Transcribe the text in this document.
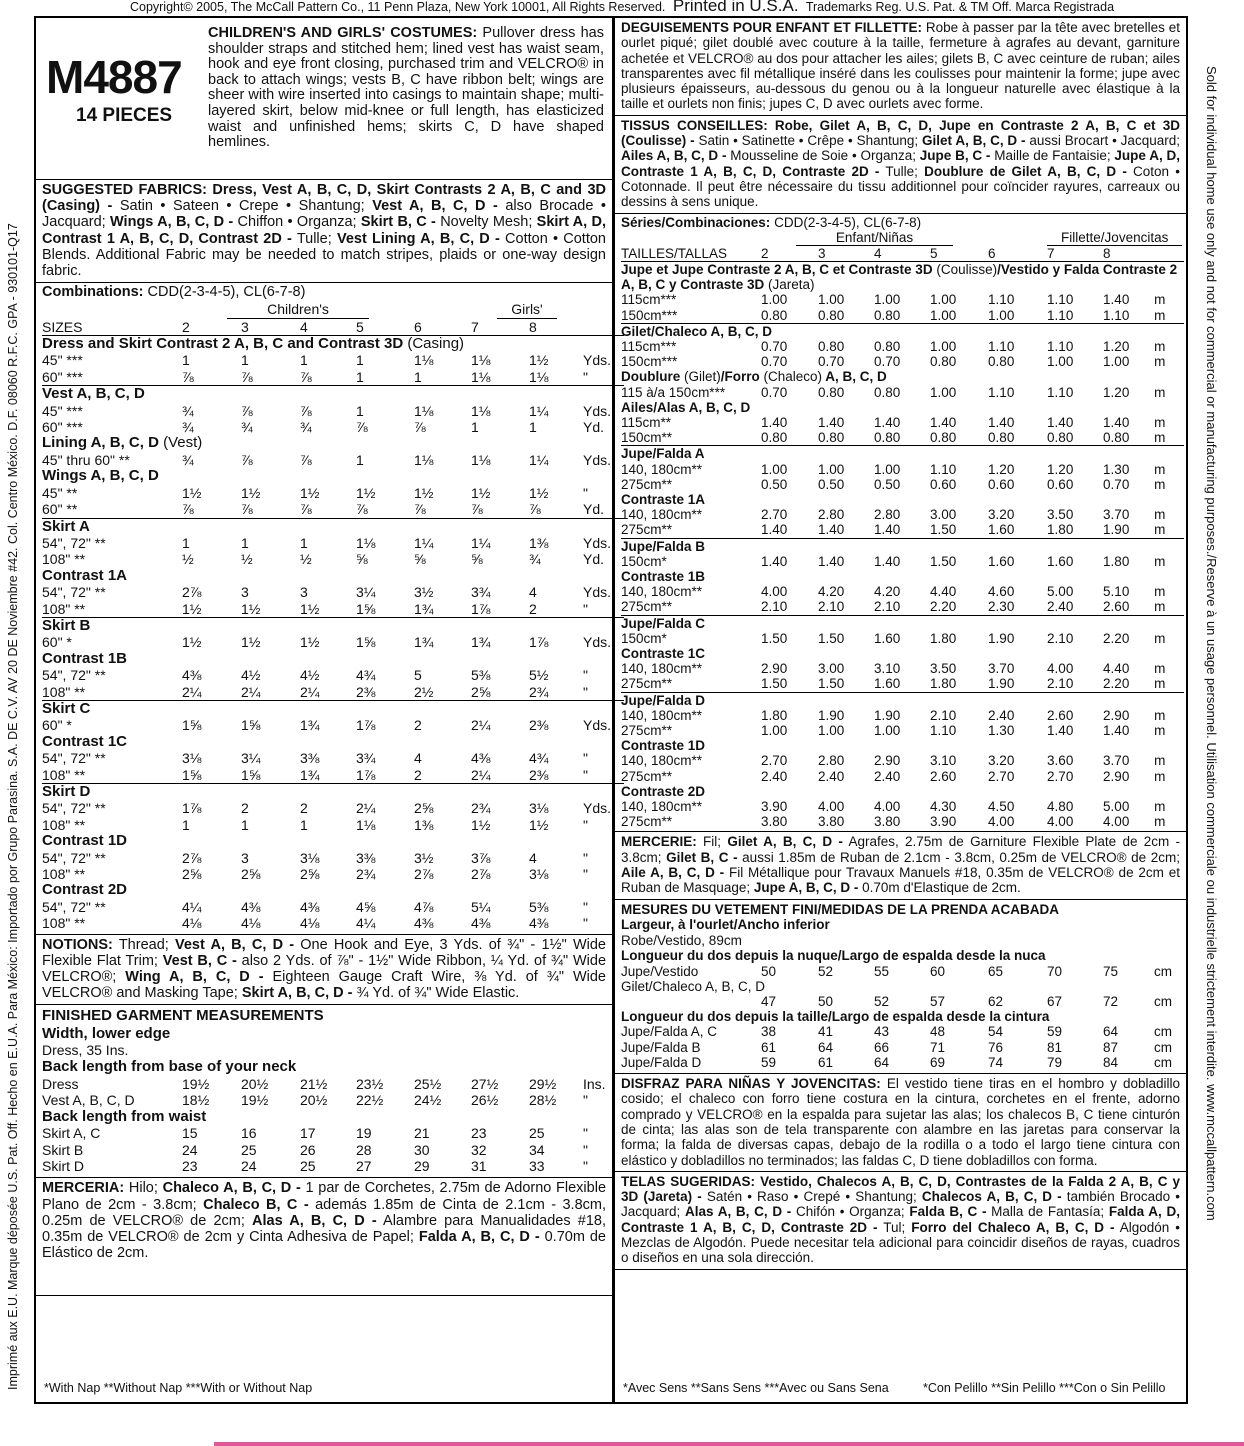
Copyright© 2005, The McCall Pattern Co., 11 Penn Plaza, New York 10001, All Rights Reserved. Printed in U.S.A. Trademarks Reg. U.S. Pat. & TM Off. Marca Registrada
Imprimé aux E.U. Marque déposée U.S. Pat. Off. Hecho en E.U.A. Para México: Importado por Grupo Parasina. S.A. DE C.V. AV 20 DE Noviembre #42. Col. Centro México. D.F. 08060 R.F.C. GPA - 930101-Q17	Sold for individual home use only and not for commercial or manufacturing purposes./Reserve à un usage personnel. Utilisation commerciale ou industrielle strictement interdite. www.mccallpattern.com
M4887
14 PIECES
CHILDREN'S AND GIRLS' COSTUMES: Pullover dress has shoulder straps and stitched hem; lined vest has waist seam, hook and eye front closing, purchased trim and VELCRO® in back to attach wings; vests B, C have ribbon belt; wings are sheer with wire inserted into casings to maintain shape; multi-layered skirt, below mid-knee or full length, has elasticized waist and unfinished hems; skirts C, D have shaped hemlines.
SUGGESTED FABRICS: Dress, Vest A, B, C, D, Skirt Contrasts 2 A, B, C and 3D (Casing) - Satin • Sateen • Crepe • Shantung; Vest A, B, C, D - also Brocade • Jacquard; Wings A, B, C, D - Chiffon • Organza; Skirt B, C - Novelty Mesh; Skirt A, D, Contrast 1 A, B, C, D, Contrast 2D - Tulle; Vest Lining A, B, C, D - Cotton • Cotton Blends. Additional Fabric may be needed to match stripes, plaids or one-way design fabric.
Combinations: CDD(2-3-4-5), CL(6-7-8)
	Children's					Girls'		
SIZES	2	3	4	5	6	7	8	
Dress and Skirt Contrast 2 A, B, C and Contrast 3D (Casing)								
45" ***	1	1	1	1	1⅛	1⅛	1½	Yds.
60" ***	⅞	⅞	⅞	1	1	1⅛	1⅛	"
Vest A, B, C, D								
45" ***	¾	⅞	⅞	1	1⅛	1⅛	1¼	Yds.
60" ***	¾	¾	¾	⅞	⅞	1	1	Yd.
Lining A, B, C, D (Vest)								
45" thru 60" **	¾	⅞	⅞	1	1⅛	1⅛	1¼	Yds.
Wings A, B, C, D								
45" **	1½	1½	1½	1½	1½	1½	1½	"
60" **	⅞	⅞	⅞	⅞	⅞	⅞	⅞	Yd.
Skirt A								
54", 72" **	1	1	1	1⅛	1¼	1¼	1⅜	Yds.
108" **	½	½	½	⅝	⅝	⅝	¾	Yd.
Contrast 1A								
54", 72" **	2⅞	3	3	3¼	3½	3¾	4	Yds.
108" **	1½	1½	1½	1⅝	1¾	1⅞	2	"
Skirt B								
60" *	1½	1½	1½	1⅝	1¾	1¾	1⅞	Yds.
Contrast 1B								
54", 72" **	4⅜	4½	4½	4¾	5	5⅜	5½	"
108" **	2¼	2¼	2¼	2⅜	2½	2⅝	2¾	"
Skirt C								
60" *	1⅝	1⅝	1¾	1⅞	2	2¼	2⅜	Yds.
Contrast 1C								
54", 72" **	3⅛	3¼	3⅜	3¾	4	4⅜	4¾	"
108" **	1⅝	1⅝	1¾	1⅞	2	2¼	2⅜	"
Skirt D								
54", 72" **	1⅞	2	2	2¼	2⅝	2¾	3⅛	Yds.
108" **	1	1	1	1⅛	1⅜	1½	1½	"
Contrast 1D								
54", 72" **	2⅞	3	3⅛	3⅜	3½	3⅞	4	"
108" **	2⅝	2⅝	2⅝	2¾	2⅞	2⅞	3⅛	"
Contrast 2D								
54", 72" **	4¼	4⅜	4⅜	4⅝	4⅞	5¼	5⅜	"
108" **	4⅛	4⅛	4⅛	4¼	4⅜	4⅜	4⅜	"
NOTIONS: Thread; Vest A, B, C, D - One Hook and Eye, 3 Yds. of ¾" - 1½" Wide Flexible Flat Trim; Vest B, C - also 2 Yds. of ⅞" - 1½" Wide Ribbon, ¼ Yd. of ¾" Wide VELCRO®; Wing A, B, C, D - Eighteen Gauge Craft Wire, ⅜ Yd. of ¾" Wide VELCRO® and Masking Tape; Skirt A, B, C, D - ¾ Yd. of ¾" Wide Elastic.
FINISHED GARMENT MEASUREMENTS
Width, lower edge
Dress, 35 Ins.
Back length from base of your neck								
Dress	19½	20½	21½	23½	25½	27½	29½	Ins.
Vest A, B, C, D	18½	19½	20½	22½	24½	26½	28½	"
Back length from waist								
Skirt A, C	15	16	17	19	21	23	25	"
Skirt B	24	25	26	28	30	32	34	"
Skirt D	23	24	25	27	29	31	33	"
MERCERIA: Hilo; Chaleco A, B, C, D - 1 par de Corchetes, 2.75m de Adorno Flexible Plano de 2cm - 3.8cm; Chaleco B, C - además 1.85m de Cinta de 2.1cm - 3.8cm, 0.25m de VELCRO® de 2cm; Alas A, B, C, D - Alambre para Manualidades #18, 0.35m de VELCRO® de 2cm y Cinta Adhesiva de Papel; Falda A, B, C, D - 0.70m de Elástico de 2cm.
*With Nap **Without Nap ***With or Without Nap
DEGUISEMENTS POUR ENFANT ET FILLETTE: Robe à passer par la tête avec bretelles et ourlet piqué; gilet doublé avec couture à la taille, fermeture à agrafes au devant, garniture achetée et VELCRO® au dos pour attacher les ailes; gilets B, C avec ceinture de ruban; ailes transparentes avec fil métallique inséré dans les coulisses pour maintenir la forme; jupe avec plusieurs épaisseurs, au-dessous du genou ou à la longueur naturelle avec élastique à la taille et ourlets non finis; jupes C, D avec ourlets avec forme.
TISSUS CONSEILLES: Robe, Gilet A, B, C, D, Jupe en Contraste 2 A, B, C et 3D (Coulisse) - Satin • Satinette • Crêpe • Shantung; Gilet A, B, C, D - aussi Brocart • Jacquard; Ailes A, B, C, D - Mousseline de Soie • Organza; Jupe B, C - Maille de Fantaisie; Jupe A, D, Contraste 1 A, B, C, D, Contraste 2D - Tulle; Doublure de Gilet A, B, C, D - Coton • Cotonnade. Il peut être nécessaire du tissu additionnel pour coïncider rayures, carreaux ou dessins à sens unique.
Séries/Combinaciones: CDD(2-3-4-5), CL(6-7-8)
	Enfant/Niñas					Fillette/Jovencitas		
TAILLES/TALLAS	2	3	4	5	6	7	8	
Jupe et Jupe Contraste 2 A, B, C et Contraste 3D (Coulisse)/Vestido y Falda Contraste 2 A, B, C y Contraste 3D (Jareta)								
115cm***	1.00	1.00	1.00	1.00	1.10	1.10	1.40	m
150cm***	0.80	0.80	0.80	1.00	1.00	1.10	1.10	m
Gilet/Chaleco A, B, C, D								
115cm***	0.70	0.80	0.80	1.00	1.10	1.10	1.20	m
150cm***	0.70	0.70	0.70	0.80	0.80	1.00	1.00	m
Doublure (Gilet)/Forro (Chaleco) A, B, C, D								
115 à/a 150cm***	0.70	0.80	0.80	1.00	1.10	1.10	1.20	m
Ailes/Alas A, B, C, D								
115cm**	1.40	1.40	1.40	1.40	1.40	1.40	1.40	m
150cm**	0.80	0.80	0.80	0.80	0.80	0.80	0.80	m
Jupe/Falda A								
140, 180cm**	1.00	1.00	1.00	1.10	1.20	1.20	1.30	m
275cm**	0.50	0.50	0.50	0.60	0.60	0.60	0.70	m
Contraste 1A								
140, 180cm**	2.70	2.80	2.80	3.00	3.20	3.50	3.70	m
275cm**	1.40	1.40	1.40	1.50	1.60	1.80	1.90	m
Jupe/Falda B								
150cm*	1.40	1.40	1.40	1.50	1.60	1.60	1.80	m
Contraste 1B								
140, 180cm**	4.00	4.20	4.20	4.40	4.60	5.00	5.10	m
275cm**	2.10	2.10	2.10	2.20	2.30	2.40	2.60	m
Jupe/Falda C								
150cm*	1.50	1.50	1.60	1.80	1.90	2.10	2.20	m
Contraste 1C								
140, 180cm**	2.90	3.00	3.10	3.50	3.70	4.00	4.40	m
275cm**	1.50	1.50	1.60	1.80	1.90	2.10	2.20	m
Jupe/Falda D								
140, 180cm**	1.80	1.90	1.90	2.10	2.40	2.60	2.90	m
275cm**	1.00	1.00	1.00	1.10	1.30	1.40	1.40	m
Contraste 1D								
140, 180cm**	2.70	2.80	2.90	3.10	3.20	3.60	3.70	m
275cm**	2.40	2.40	2.40	2.60	2.70	2.70	2.90	m
Contraste 2D								
140, 180cm**	3.90	4.00	4.00	4.30	4.50	4.80	5.00	m
275cm**	3.80	3.80	3.80	3.90	4.00	4.00	4.00	m
MERCERIE: Fil; Gilet A, B, C, D - Agrafes, 2.75m de Garniture Flexible Plate de 2cm - 3.8cm; Gilet B, C - aussi 1.85m de Ruban de 2.1cm - 3.8cm, 0.25m de VELCRO® de 2cm; Aile A, B, C, D - Fil Métallique pour Travaux Manuels #18, 0.35m de VELCRO® de 2cm et Ruban de Masquage; Jupe A, B, C, D - 0.70m d'Elastique de 2cm.
MESURES DU VETEMENT FINI/MEDIDAS DE LA PRENDA ACABADA
Largeur, à l'ourlet/Ancho inferior
Robe/Vestido, 89cm
Longueur du dos depuis la nuque/Largo de espalda desde la nuca
Jupe/Vestido	50	52	55	60	65	70	75	cm
Gilet/Chaleco A, B, C, D								
	47	50	52	57	62	67	72	cm
Longueur du dos depuis la taille/Largo de espalda desde la cintura								
Jupe/Falda A, C	38	41	43	48	54	59	64	cm
Jupe/Falda B	61	64	66	71	76	81	87	cm
Jupe/Falda D	59	61	64	69	74	79	84	cm
DISFRAZ PARA NIÑAS Y JOVENCITAS: El vestido tiene tiras en el hombro y dobladillo cosido; el chaleco con forro tiene costura en la cintura, corchetes en el frente, adorno comprado y VELCRO® en la espalda para sujetar las alas; los chalecos B, C tiene cinturón de cinta; las alas son de tela transparente con alambre en las jaretas para conservar la forma; la falda de diversas capas, debajo de la rodilla o a todo el largo tiene cintura con elástico y dobladillos no terminados; las faldas C, D tiene dobladillos con forma.
TELAS SUGERIDAS: Vestido, Chalecos A, B, C, D, Contrastes de la Falda 2 A, B, C y 3D (Jareta) - Satén • Raso • Crepé • Shantung; Chalecos A, B, C, D - también Brocado • Jacquard; Alas A, B, C, D - Chifón • Organza; Falda B, C - Malla de Fantasía; Falda A, D, Contraste 1 A, B, C, D, Contraste 2D - Tul; Forro del Chaleco A, B, C, D - Algodón • Mezclas de Algodón. Puede necesitar tela adicional para coincidir diseños de rayas, cuadros o diseños en una sola dirección.
*Avec Sens **Sans Sens ***Avec ou Sans Sena	*Con Pelillo **Sin Pelillo ***Con o Sin Pelillo
